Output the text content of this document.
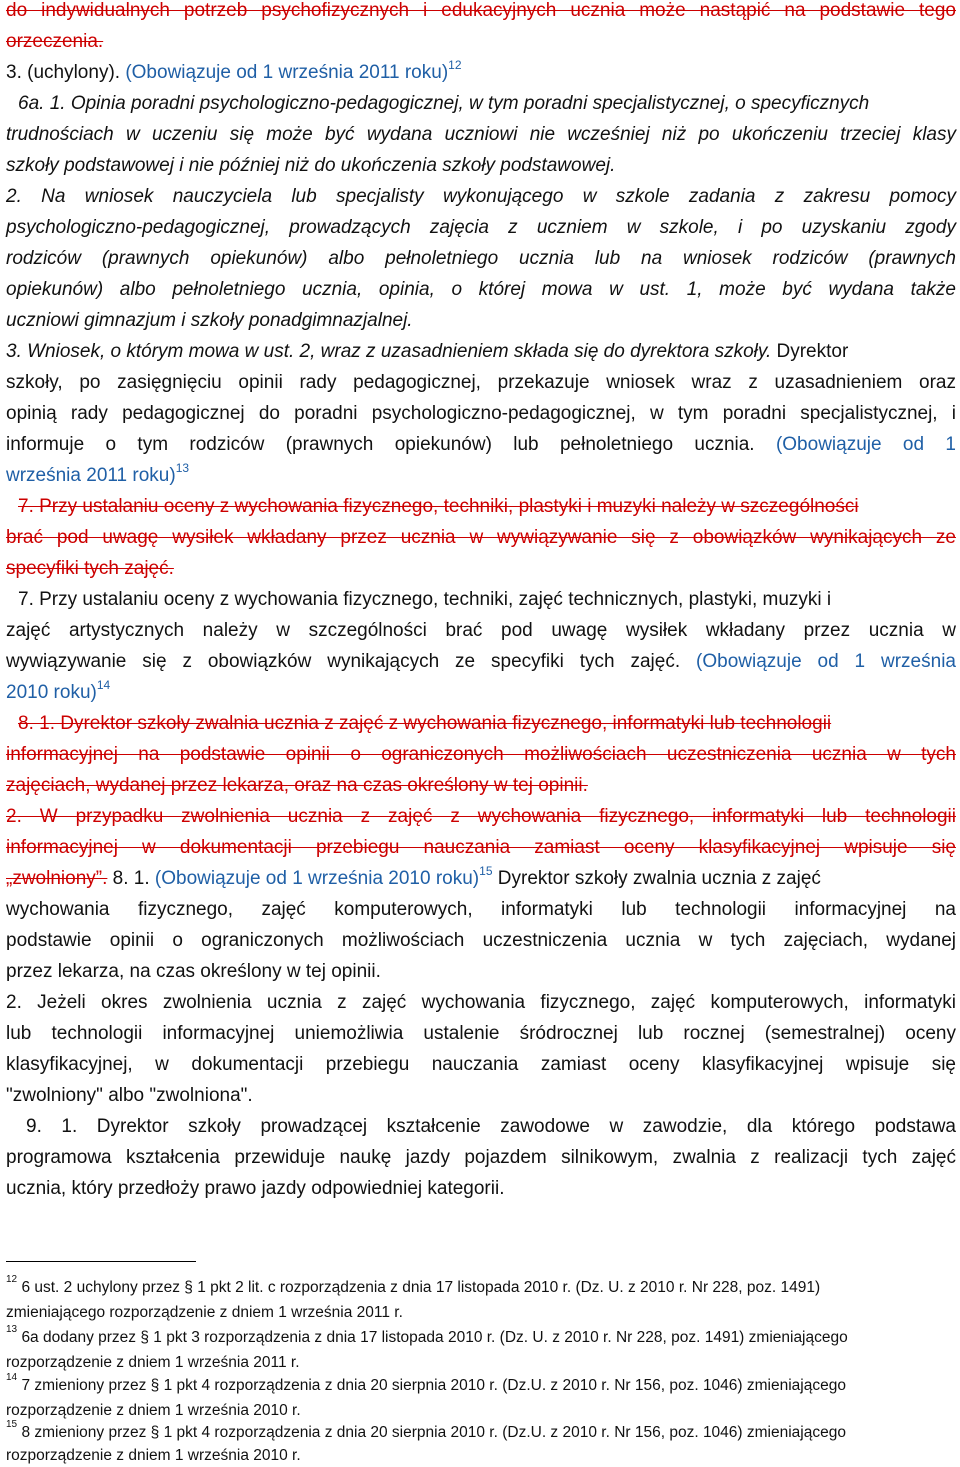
do indywidualnych potrzeb psychofizycznych i edukacyjnych ucznia może nastąpić na podstawie tego
orzeczenia.
3. (uchylony). (Obowiązuje od 1 września 2011 roku)$^{12}$
6a. 1. Opinia poradni psychologiczno-pedagogicznej, w tym poradni specjalistycznej, o specyficznych
trudnościach w uczeniu się może być wydana uczniowi nie wcześniej niż po ukończeniu trzeciej klasy
szkoły podstawowej i nie później niż do ukończenia szkoły podstawowej.
2. Na wniosek nauczyciela lub specjalisty wykonującego w szkole zadania z zakresu pomocy
psychologiczno-pedagogicznej, prowadzących zajęcia z uczniem w szkole, i po uzyskaniu zgody
rodziców (prawnych opiekunów) albo pełnoletniego ucznia lub na wniosek rodziców (prawnych
opiekunów) albo pełnoletniego ucznia, opinia, o której mowa w ust. 1, może być wydana także
uczniowi gimnazjum i szkoły ponadgimnazjalnej.
3. Wniosek, o którym mowa w ust. 2, wraz z uzasadnieniem składa się do dyrektora szkoły. Dyrektor
szkoły, po zasięgnięciu opinii rady pedagogicznej, przekazuje wniosek wraz z uzasadnieniem oraz
opinią rady pedagogicznej do poradni psychologiczno-pedagogicznej, w tym poradni specjalistycznej, i
informuje o tym rodziców (prawnych opiekunów) lub pełnoletniego ucznia. (Obowiązuje od 1
września 2011 roku)$^{13}$
7. Przy ustalaniu oceny z wychowania fizycznego, techniki, plastyki i muzyki należy w szczególności
brać pod uwagę wysiłek wkładany przez ucznia w wywiązywanie się z obowiązków wynikających ze
specyfiki tych zajęć.
7. Przy ustalaniu oceny z wychowania fizycznego, techniki, zajęć technicznych, plastyki, muzyki i
zajęć artystycznych należy w szczególności brać pod uwagę wysiłek wkładany przez ucznia w
wywiązywanie się z obowiązków wynikających ze specyfiki tych zajęć. (Obowiązuje od 1 września
2010 roku)$^{14}$
8. 1. Dyrektor szkoły zwalnia ucznia z zajęć z wychowania fizycznego, informatyki lub technologii
informacyjnej na podstawie opinii o ograniczonych możliwościach uczestniczenia ucznia w tych
zajęciach, wydanej przez lekarza, oraz na czas określony w tej opinii.
2. W przypadku zwolnienia ucznia z zajęć z wychowania fizycznego, informatyki lub technologii
informacyjnej w dokumentacji przebiegu nauczania zamiast oceny klasyfikacyjnej wpisuje się
„zwolniony”. 8. 1. (Obowiązuje od 1 września 2010 roku)$^{15}$ Dyrektor szkoły zwalnia ucznia z zajęć
wychowania fizycznego, zajęć komputerowych, informatyki lub technologii informacyjnej na
podstawie opinii o ograniczonych możliwościach uczestniczenia ucznia w tych zajęciach, wydanej
przez lekarza, na czas określony w tej opinii.
2. Jeżeli okres zwolnienia ucznia z zajęć wychowania fizycznego, zajęć komputerowych, informatyki
lub technologii informacyjnej uniemożliwia ustalenie śródrocznej lub rocznej (semestralnej) oceny
klasyfikacyjnej, w dokumentacji przebiegu nauczania zamiast oceny klasyfikacyjnej wpisuje się
"zwolniony" albo "zwolniona".
9. 1. Dyrektor szkoły prowadzącej kształcenie zawodowe w zawodzie, dla którego podstawa
programowa kształcenia przewiduje naukę jazdy pojazdem silnikowym, zwalnia z realizacji tych zajęć
ucznia, który przedłoży prawo jazdy odpowiedniej kategorii.
$^{12}$ 6 ust. 2 uchylony przez § 1 pkt 2 lit. c rozporządzenia z dnia 17 listopada 2010 r. (Dz. U. z 2010 r. Nr 228, poz. 1491)
zmieniającego rozporządzenie z dniem 1 września 2011 r.
$^{13}$ 6a dodany przez § 1 pkt 3 rozporządzenia z dnia 17 listopada 2010 r. (Dz. U. z 2010 r. Nr 228, poz. 1491) zmieniającego
rozporządzenie z dniem 1 września 2011 r.
$^{14}$ 7 zmieniony przez § 1 pkt 4 rozporządzenia z dnia 20 sierpnia 2010 r. (Dz.U. z 2010 r. Nr 156, poz. 1046) zmieniającego
rozporządzenie z dniem 1 września 2010 r.
$^{15}$ 8 zmieniony przez § 1 pkt 4 rozporządzenia z dnia 20 sierpnia 2010 r. (Dz.U. z 2010 r. Nr 156, poz. 1046) zmieniającego
rozporządzenie z dniem 1 września 2010 r.
